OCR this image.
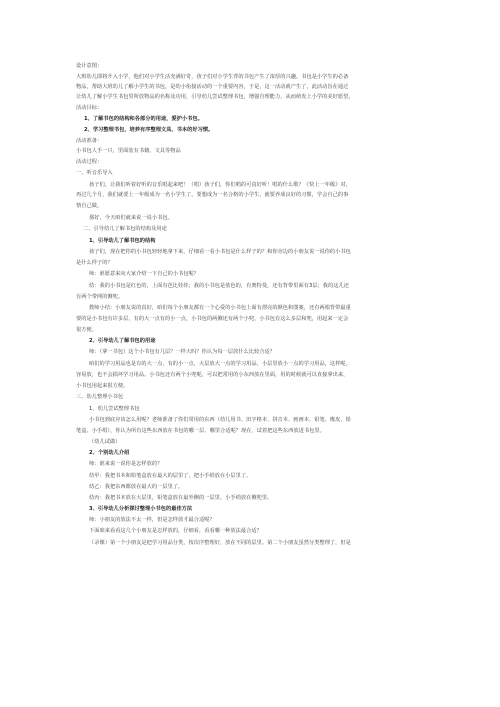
设计意图：
大班幼儿即将升入小学，他们对小学生活充满好奇，孩子们对小学生背的书包产生了浓厚的兴趣。书包是小学生的必备
物品，帮助大班幼儿了解小学生的书包，是幼小衔接活动的一个重要内容，于是，这一活动就产生了，此活动旨在通过
让幼儿了解小学生书包里所放物品的名称及功用，引导幼儿尝试整理书包，增强自理能力，从而萌发上小学的美好愿望。
活动目标：
1、了解书包的结构和各部分的用途，爱护小书包。
2、学习整理书包，培养有序整理文具、书本的好习惯。
活动准备：
小书包人手一只，里面装有书籍、文具等物品
活动过程：
一、听音乐导入
孩子们，让我们听着好听的音乐唱起来吧！（唱）孩子们，你们唱的可真好听！唱的什么歌？《快上一年级》对，
再过几个月，我们就要上一年级成为一名小学生了。要想成为一名合格的小学生，就要养成良好的习惯，学会自己的事
情自己做。
那好，今天咱们就来说一说小书包。
二、引导幼儿了解书包的结构及用途
1、引导幼儿了解书包的结构
孩子们，现在把你的小书包轻轻地拿下来，仔细看一看小书包是什么样子的？和你旁边的小朋友说一说你的小书包
是什么样子的？
师：谁愿意来向大家介绍一下自己的小书包呢？
幼：我的小书包是红色的，上面有芭比娃娃；我的小书包是蓝色的，有奥特曼，还有背带里面有3层；我的这儿还
有两个带网的侧兜。
教师小结：小朋友说的真好，咱们每个小朋友都有一个心爱的小书包上面有漂亮的颜色和图案，还有两根背带最重
要的是小书包有许多层，有的大一点有的小一点，小书包的两侧还有两个小兜，小书包有这么多层和兜，用起来一定会
很方便。
2、引导幼儿了解书包的用途
师：（拿一书包）这个小书包有几层？一样大吗？你认为每一层放什么比较合适？
咱们的学习用品也是有的大一点，有的小一点，大层放大一点的学习用品，小层里放小一点的学习用品，这样呢，
容易放，也不会损坏学习用品。小书包还有两个小兜呢，可以把常用的小东西放在里面，用的时候就可以直接拿出来，
小书包用起来很方便。
三、幼儿整理小书包
1、幼儿尝试整理书包
小书包到底应该怎么用呢？老师准备了你们常用的东西（幼儿用书、田字格本、拼音本、画画本、铅笔、橡皮、铅
笔盒、小手绢），你认为所有这些东西放在书包的哪一层、哪里合适呢？现在，试着把这些东西放进书包里。
（幼儿试做）
2、个别幼儿介绍
师：谁来说一说你是怎样放的？
幼甲：我把书本和铅笔盒放在最大的层里了，把小手绢放在小层里了。
幼乙：我把东西都放在最大的一层里了。
幼丙：我把书本放在大层里，铅笔盒放在最外侧的一层里，小手绢放在侧兜里。
3、引导幼儿分析探讨整理小书包的最佳方法
师：小朋友的放法不太一样，但是怎样放才最合适呢？
下面咱来看看这几个小朋友是怎样放的，仔细看，看看哪一种放法最合适？
（录像）第一个小朋友是把学习用品分类，按次序整理好，放在不同的层里。第二个小朋友虽然分类整理了，但是
